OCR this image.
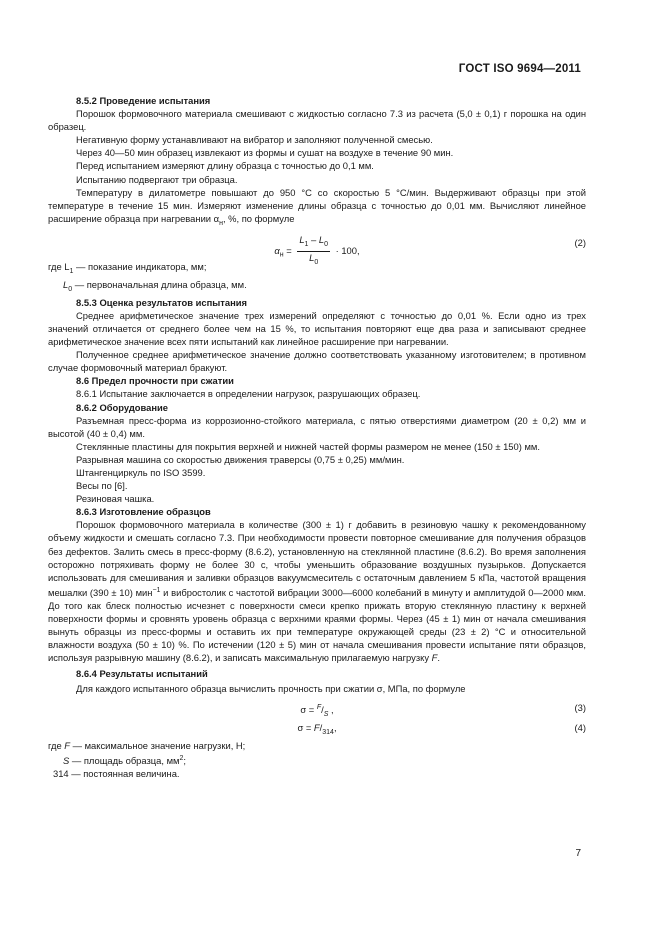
ГОСТ ISO 9694—2011
8.5.2 Проведение испытания
Порошок формовочного материала смешивают с жидкостью согласно 7.3 из расчета (5,0 ± 0,1) г порошка на один образец.
Негативную форму устанавливают на вибратор и заполняют полученной смесью.
Через 40—50 мин образец извлекают из формы и сушат на воздухе в течение 90 мин.
Перед испытанием измеряют длину образца с точностью до 0,1 мм.
Испытанию подвергают три образца.
Температуру в дилатометре повышают до 950 °С со скоростью 5 °С/мин. Выдерживают образцы при этой температуре в течение 15 мин. Измеряют изменение длины образца с точностью до 0,01 мм. Вычисляют линейное расширение образца при нагревании $\alpha_н$, %, по формуле
$\alpha_н = \frac{L_1 - L_0}{L_0} \cdot 100$,
(2)
где $L_1$ — показание индикатора, мм;
$L_0$ — первоначальная длина образца, мм.
8.5.3 Оценка результатов испытания
Среднее арифметическое значение трех измерений определяют с точностью до 0,01 %. Если одно из трех значений отличается от среднего более чем на 15 %, то испытания повторяют еще два раза и записывают среднее арифметическое значение всех пяти испытаний как линейное расширение при нагревании.
Полученное среднее арифметическое значение должно соответствовать указанному изготовителем; в противном случае формовочный материал бракуют.
8.6 Предел прочности при сжатии
8.6.1 Испытание заключается в определении нагрузок, разрушающих образец.
8.6.2 Оборудование
Разъемная пресс-форма из коррозионно-стойкого материала, с пятью отверстиями диаметром (20 ± 0,2) мм и высотой (40 ± 0,4) мм.
Стеклянные пластины для покрытия верхней и нижней частей формы размером не менее (150 ± 150) мм.
Разрывная машина со скоростью движения траверсы (0,75 ± 0,25) мм/мин.
Штангенциркуль по ISO 3599.
Весы по [6].
Резиновая чашка.
8.6.3 Изготовление образцов
Порошок формовочного материала в количестве (300 ± 1) г добавить в резиновую чашку к рекомендованному объему жидкости и смешать согласно 7.3. При необходимости провести повторное смешивание для получения образцов без дефектов. Залить смесь в пресс-форму (8.6.2), установленную на стеклянной пластине (8.6.2). Во время заполнения осторожно потряхивать форму не более 30 с, чтобы уменьшить образование воздушных пузырьков. Допускается использовать для смешивания и заливки образцов вакуумсмеситель с остаточным давлением 5 кПа, частотой вращения мешалки (390 ± 10) мин$^{-1}$ и вибростолик с частотой вибрации 3000—6000 колебаний в минуту и амплитудой 0—2000 мкм. До того как блеск полностью исчезнет с поверхности смеси крепко прижать вторую стеклянную пластину к верхней поверхности формы и сровнять уровень образца с верхними краями формы. Через (45 ± 1) мин от начала смешивания вынуть образцы из пресс-формы и оставить их при температуре окружающей среды (23 ± 2) °С и относительной влажности воздуха (50 ± 10) %. По истечении (120 ± 5) мин от начала смешивания провести испытание пяти образцов, используя разрывную машину (8.6.2), и записать максимальную прилагаемую нагрузку F.
8.6.4 Результаты испытаний
Для каждого испытанного образца вычислить прочность при сжатии σ, МПа, по формуле
$\sigma = ^F/_S$ ,	(3)
$\sigma = F/_{314}$,	(4)
где F — максимальное значение нагрузки, Н;
S — площадь образца, $мм^2$;
314 — постоянная величина.
7
